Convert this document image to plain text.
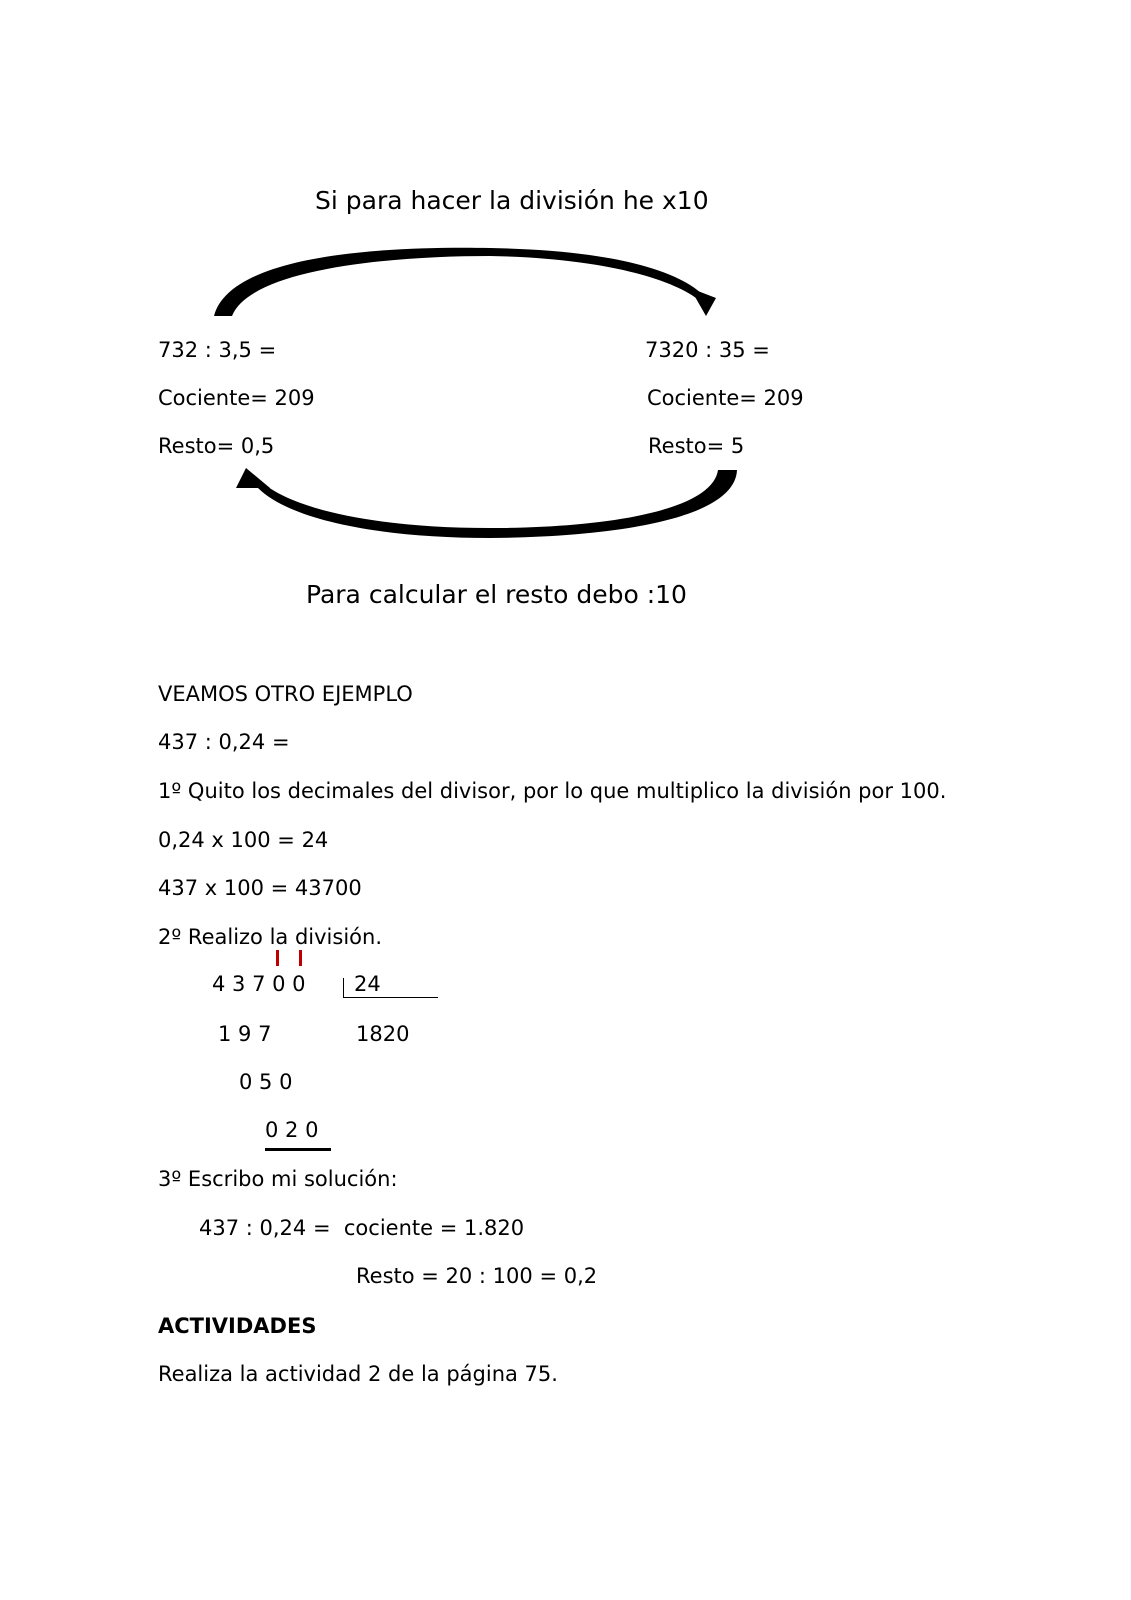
Si para hacer la división he x10
732 : 3,5 =
Cociente= 209
Resto= 0,5
7320 : 35 =
Cociente= 209
Resto= 5
Para calcular el resto debo :10
VEAMOS OTRO EJEMPLO
437 : 0,24 =
1º Quito los decimales del divisor, por lo que multiplico la división por 100.
0,24 x 100 = 24
437 x 100 = 43700
2º Realizo la división.
4 3 7 0 0 24
1 9 7	1820
0 5 0
0 2 0
3º Escribo mi solución:
437 : 0,24 =  cociente = 1.820
Resto = 20 : 100 = 0,2
ACTIVIDADES
Realiza la actividad 2 de la página 75.
